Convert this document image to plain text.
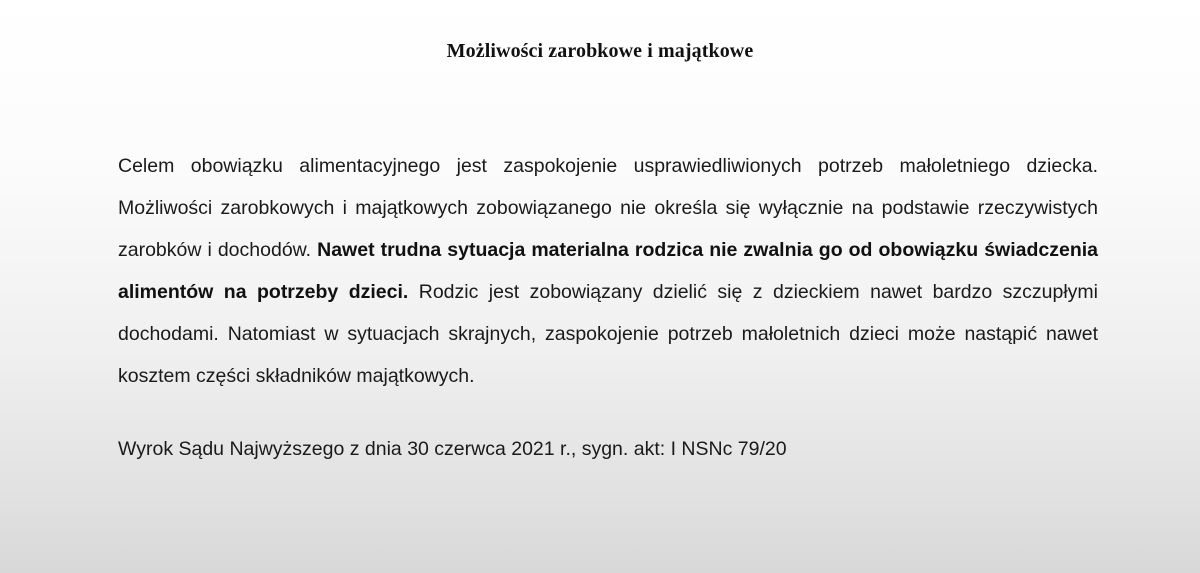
Możliwości zarobkowe i majątkowe

Celem obowiązku alimentacyjnego jest zaspokojenie usprawiedliwionych potrzeb małoletniego dziecka. Możliwości zarobkowych i majątkowych zobowiązanego nie określa się wyłącznie na podstawie rzeczywistych zarobków i dochodów. Nawet trudna sytuacja materialna rodzica nie zwalnia go od obowiązku świadczenia alimentów na potrzeby dzieci. Rodzic jest zobowiązany dzielić się z dzieckiem nawet bardzo szczupłymi dochodami. Natomiast w sytuacjach skrajnych, zaspokojenie potrzeb małoletnich dzieci może nastąpić nawet kosztem części składników majątkowych.

Wyrok Sądu Najwyższego z dnia 30 czerwca 2021 r., sygn. akt: I NSNc 79/20
